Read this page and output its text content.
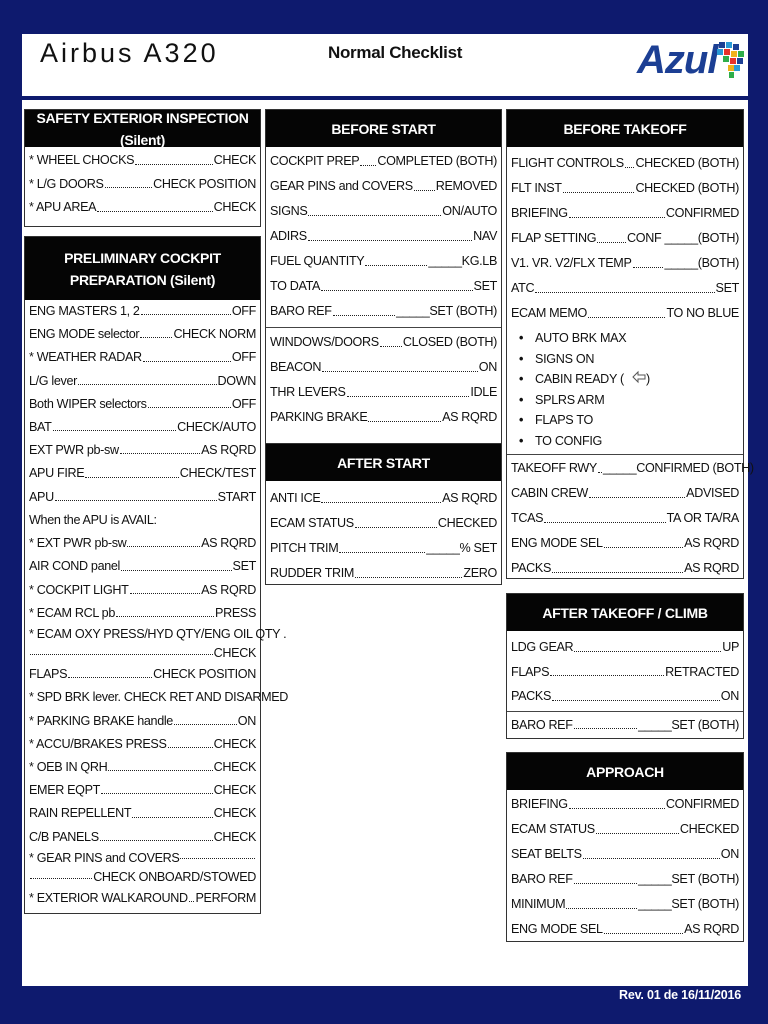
Airbus A320	Normal Checklist	Azul
SAFETY EXTERIOR INSPECTION (Silent)
* WHEEL CHOCKS	CHECK
* L/G DOORS	CHECK POSITION
* APU AREA	CHECK
PRELIMINARY COCKPIT
PREPARATION (Silent)
ENG MASTERS 1, 2	OFF
ENG MODE selector	CHECK NORM
* WEATHER RADAR	OFF
L/G lever	DOWN
Both WIPER selectors	OFF
BAT	CHECK/AUTO
EXT PWR pb-sw	AS RQRD
APU FIRE	CHECK/TEST
APU	START
When the APU is AVAIL:
* EXT PWR pb-sw	AS RQRD
AIR COND panel	SET
* COCKPIT LIGHT	AS RQRD
* ECAM RCL pb	PRESS
* ECAM OXY PRESS/HYD QTY/ENG OIL QTY .
CHECK
FLAPS	CHECK POSITION
* SPD BRK lever. CHECK RET AND DISARMED
* PARKING BRAKE handle	ON
* ACCU/BRAKES PRESS	CHECK
* OEB IN QRH	CHECK
EMER EQPT	CHECK
RAIN REPELLENT	CHECK
C/B PANELS	CHECK
* GEAR PINS and COVERS
CHECK ONBOARD/STOWED
* EXTERIOR WALKAROUND PERFORM
BEFORE START
COCKPIT PREP COMPLETED (BOTH)
GEAR PINS and COVERS REMOVED
SIGNS	ON/AUTO
ADIRS	NAV
FUEL QUANTITY	_____KG.LB
TO DATA	SET
BARO REF	_____SET (BOTH)
WINDOWS/DOORS CLOSED (BOTH)
BEACON	ON
THR LEVERS	IDLE
PARKING BRAKE	AS RQRD
AFTER START
ANTI ICE	AS RQRD
ECAM STATUS	CHECKED
PITCH TRIM	_____% SET
RUDDER TRIM	ZERO
BEFORE TAKEOFF
FLIGHT CONTROLS CHECKED (BOTH)
FLT INST	CHECKED (BOTH)
BRIEFING	CONFIRMED
FLAP SETTING CONF _____(BOTH)
V1. VR. V2/FLX TEMP	_____(BOTH)
ATC	SET
ECAM MEMO	TO NO BLUE
• AUTO BRK MAX
• SIGNS ON
• CABIN READY ( )
• SPLRS ARM
• FLAPS TO
• TO CONFIG
TAKEOFF RWY _____CONFIRMED (BOTH)
CABIN CREW	ADVISED
TCAS	TA OR TA/RA
ENG MODE SEL	AS RQRD
PACKS	AS RQRD
AFTER TAKEOFF / CLIMB
LDG GEAR	UP
FLAPS	RETRACTED
PACKS	ON
BARO REF	_____SET (BOTH)
APPROACH
BRIEFING	CONFIRMED
ECAM STATUS	CHECKED
SEAT BELTS	ON
BARO REF	_____SET (BOTH)
MINIMUM	_____SET (BOTH)
ENG MODE SEL	AS RQRD
Rev. 01 de 16/11/2016
